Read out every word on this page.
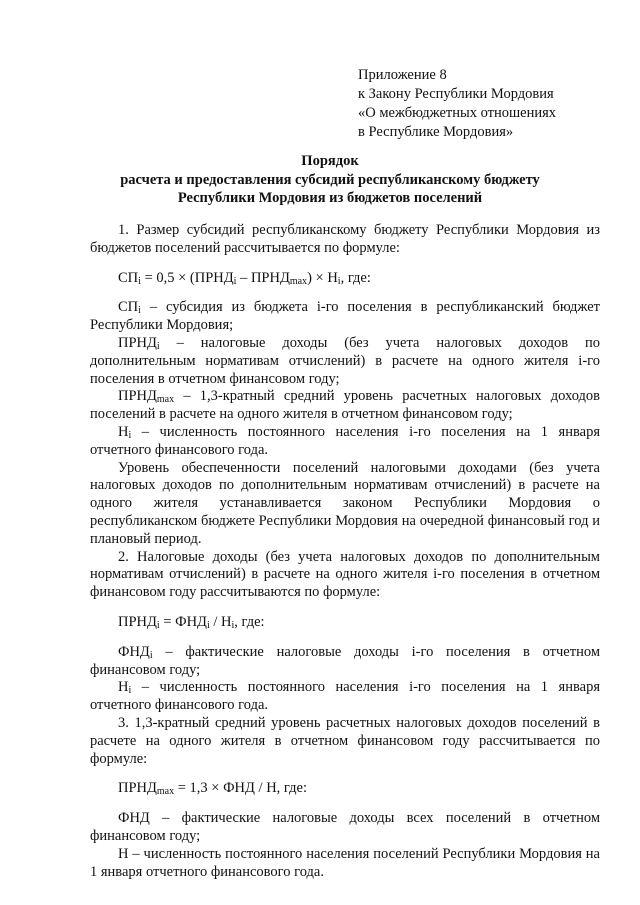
Приложение 8
к Закону Республики Мордовия
«О межбюджетных отношениях
в Республике Мордовия»
Порядок
расчета и предоставления субсидий республиканскому бюджету
Республики Мордовия из бюджетов поселений

1. Размер субсидий республиканскому бюджету Республики Мордовия из бюджетов поселений рассчитывается по формуле:

$СП_i = 0,5$ × ($ПРНД_i$ – $ПРНД_{max}) \times Н_i$, где:

$СП_i$ – субсидия из бюджета i-го поселения в республиканский бюджет Республики Мордовия;

$ПРНД_i$ – налоговые доходы (без учета налоговых доходов по дополнительным нормативам отчислений) в расчете на одного жителя i-го поселения в отчетном финансовом году;

$ПРНД_{max}$ – 1,3-кратный средний уровень расчетных налоговых доходов поселений в расчете на одного жителя в отчетном финансовом году;

$Н_i$ – численность постоянного населения i-го поселения на 1 января отчетного финансового года.

Уровень обеспеченности поселений налоговыми доходами (без учета налоговых доходов по дополнительным нормативам отчислений) в расчете на одного жителя устанавливается законом Республики Мордовия о республиканском бюджете Республики Мордовия на очередной финансовый год и плановый период.

2. Налоговые доходы (без учета налоговых доходов по дополнительным нормативам отчислений) в расчете на одного жителя i-го поселения в отчетном финансовом году рассчитываются по формуле:

$ПРНД_i = ФНД_i / Н_i$, где:

$ФНД_i$ – фактические налоговые доходы i-го поселения в отчетном финансовом году;

$Н_i$ – численность постоянного населения i-го поселения на 1 января отчетного финансового года.

3. 1,3-кратный средний уровень расчетных налоговых доходов поселений в расчете на одного жителя в отчетном финансовом году рассчитывается по формуле:

$ПРНД_{max} = 1,3$ × ФНД / Н, где:

ФНД – фактические налоговые доходы всех поселений в отчетном финансовом году;

Н – численность постоянного населения поселений Республики Мордовия на 1 января отчетного финансового года.
